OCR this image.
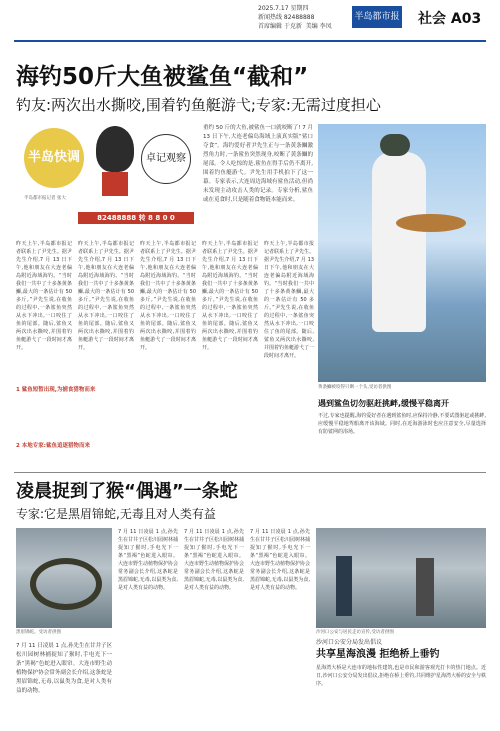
2025.7.17 星期四
新闻热线 82488888
首席编辑 于克新  美编 李凤
半岛都市报 社会 A03
海钓50斤大鱼被鲨鱼“截和”
钓友:两次出水撕咬,围着钓鱼艇游弋;专家:无需过度担心
半岛快调查
卓记观察
82488888 转 8 8 0 0
半岛都市报记者 张大
重约 50 斤的大鱼,被鲨鱼一口就咬断了! 7 月 13 日下午,大连老偏岛海域上演真实版“鲨口夺食”。海钓爱好者尹先生正与一条黄条鰤激烈角力时,一条鲨鱼突然现身,咬断了黄条鰤的尾部。令人吃惊的是,鲨鱼在得手后仍不离开,围着钓鱼艇游弋。尹先生用手机拍下了这一幕。专家表示,大连周边海域有鲨鱼活动,但尚未发现主动攻击人类的记录。专家分析,鲨鱼或在觅食时,只是随着食物链本能而来。
昨天上午,半岛都市报记者联系上了尹先生。据尹先生介绍,7 月 13 日下午,他和朋友在大连老偏岛附近海域海钓。“当时我们一共中了十多条黄条鰤,最大的一条估计有 50 多斤。”尹先生说,在收鱼的过程中,一条鲨鱼突然从水下冲出,一口咬住了鱼的尾部。随后,鲨鱼又两次出水撕咬,并围着钓鱼艇游弋了一段时间才离开。
昨天上午,半岛都市报记者联系上了尹先生。据尹先生介绍,7 月 13 日下午,他和朋友在大连老偏岛附近海域海钓。“当时我们一共中了十多条黄条鰤,最大的一条估计有 50 多斤。”尹先生说,在收鱼的过程中,一条鲨鱼突然从水下冲出,一口咬住了鱼的尾部。随后,鲨鱼又两次出水撕咬,并围着钓鱼艇游弋了一段时间才离开。
昨天上午,半岛都市报记者联系上了尹先生。据尹先生介绍,7 月 13 日下午,他和朋友在大连老偏岛附近海域海钓。“当时我们一共中了十多条黄条鰤,最大的一条估计有 50 多斤。”尹先生说,在收鱼的过程中,一条鲨鱼突然从水下冲出,一口咬住了鱼的尾部。随后,鲨鱼又两次出水撕咬,并围着钓鱼艇游弋了一段时间才离开。
昨天上午,半岛都市报记者联系上了尹先生。据尹先生介绍,7 月 13 日下午,他和朋友在大连老偏岛附近海域海钓。“当时我们一共中了十多条黄条鰤,最大的一条估计有 50 多斤。”尹先生说,在收鱼的过程中,一条鲨鱼突然从水下冲出,一口咬住了鱼的尾部。随后,鲨鱼又两次出水撕咬,并围着钓鱼艇游弋了一段时间才离开。
昨天上午,半岛都市报记者联系上了尹先生。据尹先生介绍,7 月 13 日下午,他和朋友在大连老偏岛附近海域海钓。“当时我们一共中了十多条黄条鰤,最大的一条估计有 50 多斤。”尹先生说,在收鱼的过程中,一条鲨鱼突然从水下冲出,一口咬住了鱼的尾部。随后,鲨鱼又两次出水撕咬,并围着钓鱼艇游弋了一段时间才离开。
1 鲨鱼短暂出现,为捕食猎物而来
2 本地专家:鲨鱼追逐猎物而来
黄条鰤被咬得只剩一个头,受访者供图
遇到鲨鱼切勿驱赶挑衅,缓慢平稳离开
不过,专家也提醒,海钓爱好者在遇到鲨鱼时,应保持冷静,不要试图驱赶或挑衅,应缓慢平稳地驾船离开该海域。同时,在近海游泳时也应注意安全,尽量选择有防鲨网的浴场。
凌晨捉到了猴“偶遇”一条蛇
专家:它是黑眉锦蛇,无毒且对人类有益
黑眉锦蛇。受访者供图
7 月 11 日凌晨 1 点,孙先生在甘井子区松川园树林捕捉知了猴时,手电光下一条“黑褐”色蛇进入眼帘。大连市野生动植物保护协会常务副会长介绍,这条蛇是黑眉锦蛇,无毒,以鼠类为食,是对人类有益的动物。
7 月 11 日凌晨 1 点,孙先生在甘井子区松川园树林捕捉知了猴时,手电光下一条“黑褐”色蛇进入眼帘。大连市野生动植物保护协会常务副会长介绍,这条蛇是黑眉锦蛇,无毒,以鼠类为食,是对人类有益的动物。
7 月 11 日凌晨 1 点,孙先生在甘井子区松川园树林捕捉知了猴时,手电光下一条“黑褐”色蛇进入眼帘。大连市野生动植物保护协会常务副会长介绍,这条蛇是黑眉锦蛇,无毒,以鼠类为食,是对人类有益的动物。
7 月 11 日凌晨 1 点,孙先生在甘井子区松川园树林捕捉知了猴时,手电光下一条“黑褐”色蛇进入眼帘。大连市野生动植物保护协会常务副会长介绍,这条蛇是黑眉锦蛇,无毒,以鼠类为食,是对人类有益的动物。
沙河口公安与居民走访宣传,受访者供图
沙河口公安分局发出倡议
共享星海浪漫 拒绝桥上垂钓
星海湾大桥是大连市的地标性建筑,也是市民和游客观光打卡的热门地点。近日,沙河口公安分局发出倡议,拒绝在桥上垂钓,共同维护星海湾大桥的安全与秩序。
